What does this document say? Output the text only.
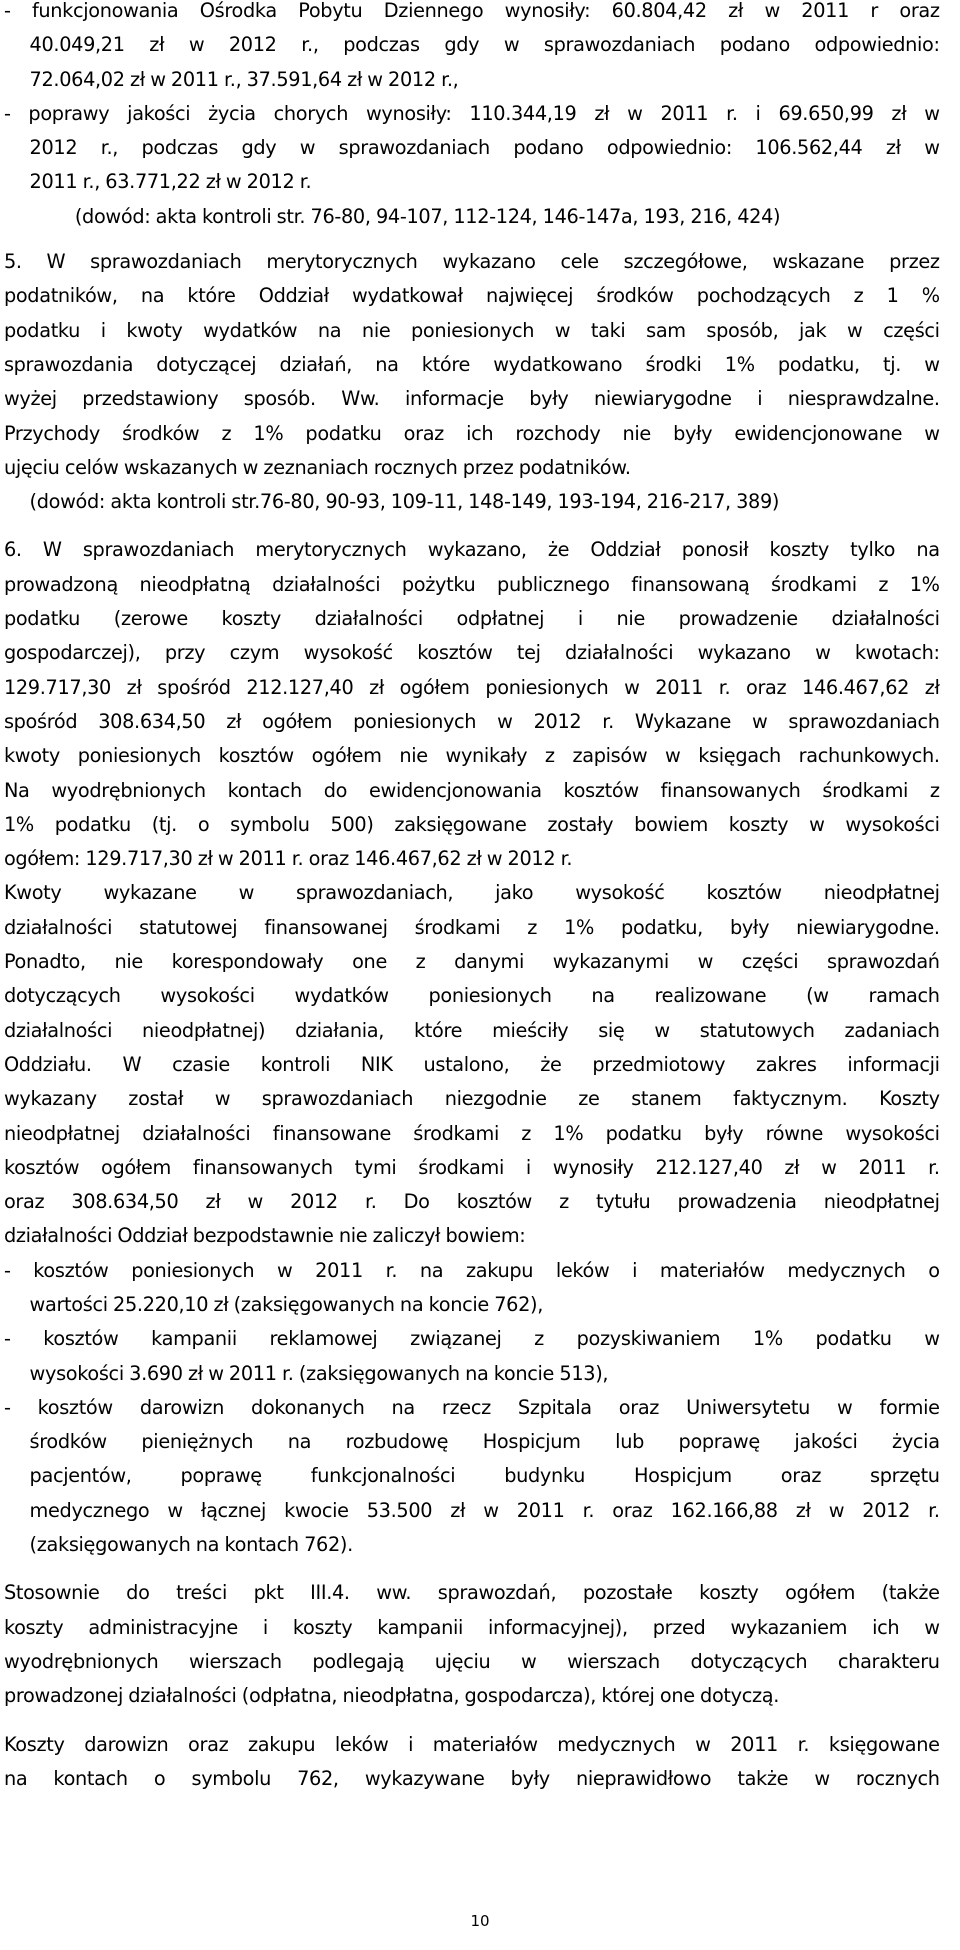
- funkcjonowania Ośrodka Pobytu Dziennego wynosiły: 60.804,42 zł w 2011 r oraz
40.049,21 zł w 2012 r., podczas gdy w sprawozdaniach podano odpowiednio:
72.064,02 zł w 2011 r., 37.591,64 zł w 2012 r.,
- poprawy jakości życia chorych wynosiły: 110.344,19 zł w 2011 r. i 69.650,99 zł w
2012 r., podczas gdy w sprawozdaniach podano odpowiednio: 106.562,44 zł w
2011 r., 63.771,22 zł w 2012 r.
(dowód: akta kontroli str. 76-80, 94-107, 112-124, 146-147a, 193, 216, 424)
5. W sprawozdaniach merytorycznych wykazano cele szczegółowe, wskazane przez
podatników, na które Oddział wydatkował najwięcej środków pochodzących z 1 %
podatku i kwoty wydatków na nie poniesionych w taki sam sposób, jak w części
sprawozdania dotyczącej działań, na które wydatkowano środki 1% podatku, tj. w
wyżej przedstawiony sposób. Ww. informacje były niewiarygodne i niesprawdzalne.
Przychody środków z 1% podatku oraz ich rozchody nie były ewidencjonowane w
ujęciu celów wskazanych w zeznaniach rocznych przez podatników.
(dowód: akta kontroli str.76-80, 90-93, 109-11, 148-149, 193-194, 216-217, 389)
6. W sprawozdaniach merytorycznych wykazano, że Oddział ponosił koszty tylko na
prowadzoną nieodpłatną działalności pożytku publicznego finansowaną środkami z 1%
podatku (zerowe koszty działalności odpłatnej i nie prowadzenie działalności
gospodarczej), przy czym wysokość kosztów tej działalności wykazano w kwotach:
129.717,30 zł spośród 212.127,40 zł ogółem poniesionych w 2011 r. oraz 146.467,62 zł
spośród 308.634,50 zł ogółem poniesionych w 2012 r. Wykazane w sprawozdaniach
kwoty poniesionych kosztów ogółem nie wynikały z zapisów w księgach rachunkowych.
Na wyodrębnionych kontach do ewidencjonowania kosztów finansowanych środkami z
1% podatku (tj. o symbolu 500) zaksięgowane zostały bowiem koszty w wysokości
ogółem: 129.717,30 zł w 2011 r. oraz 146.467,62 zł w 2012 r.
Kwoty wykazane w sprawozdaniach, jako wysokość kosztów nieodpłatnej
działalności statutowej finansowanej środkami z 1% podatku, były niewiarygodne.
Ponadto, nie korespondowały one z danymi wykazanymi w części sprawozdań
dotyczących wysokości wydatków poniesionych na realizowane (w ramach
działalności nieodpłatnej) działania, które mieściły się w statutowych zadaniach
Oddziału. W czasie kontroli NIK ustalono, że przedmiotowy zakres informacji
wykazany został w sprawozdaniach niezgodnie ze stanem faktycznym. Koszty
nieodpłatnej działalności finansowane środkami z 1% podatku były równe wysokości
kosztów ogółem finansowanych tymi środkami i wynosiły 212.127,40 zł w 2011 r.
oraz 308.634,50 zł w 2012 r. Do kosztów z tytułu prowadzenia nieodpłatnej
działalności Oddział bezpodstawnie nie zaliczył bowiem:
- kosztów poniesionych w 2011 r. na zakupu leków i materiałów medycznych o
wartości 25.220,10 zł (zaksięgowanych na koncie 762),
- kosztów kampanii reklamowej związanej z pozyskiwaniem 1% podatku w
wysokości 3.690 zł w 2011 r. (zaksięgowanych na koncie 513),
- kosztów darowizn dokonanych na rzecz Szpitala oraz Uniwersytetu w formie
środków pieniężnych na rozbudowę Hospicjum lub poprawę jakości życia
pacjentów, poprawę funkcjonalności budynku Hospicjum oraz sprzętu
medycznego w łącznej kwocie 53.500 zł w 2011 r. oraz 162.166,88 zł w 2012 r.
(zaksięgowanych na kontach 762).
Stosownie do treści pkt III.4. ww. sprawozdań, pozostałe koszty ogółem (także
koszty administracyjne i koszty kampanii informacyjnej), przed wykazaniem ich w
wyodrębnionych wierszach podlegają ujęciu w wierszach dotyczących charakteru
prowadzonej działalności (odpłatna, nieodpłatna, gospodarcza), której one dotyczą.
Koszty darowizn oraz zakupu leków i materiałów medycznych w 2011 r. księgowane
na kontach o symbolu 762, wykazywane były nieprawidłowo także w rocznych
10
